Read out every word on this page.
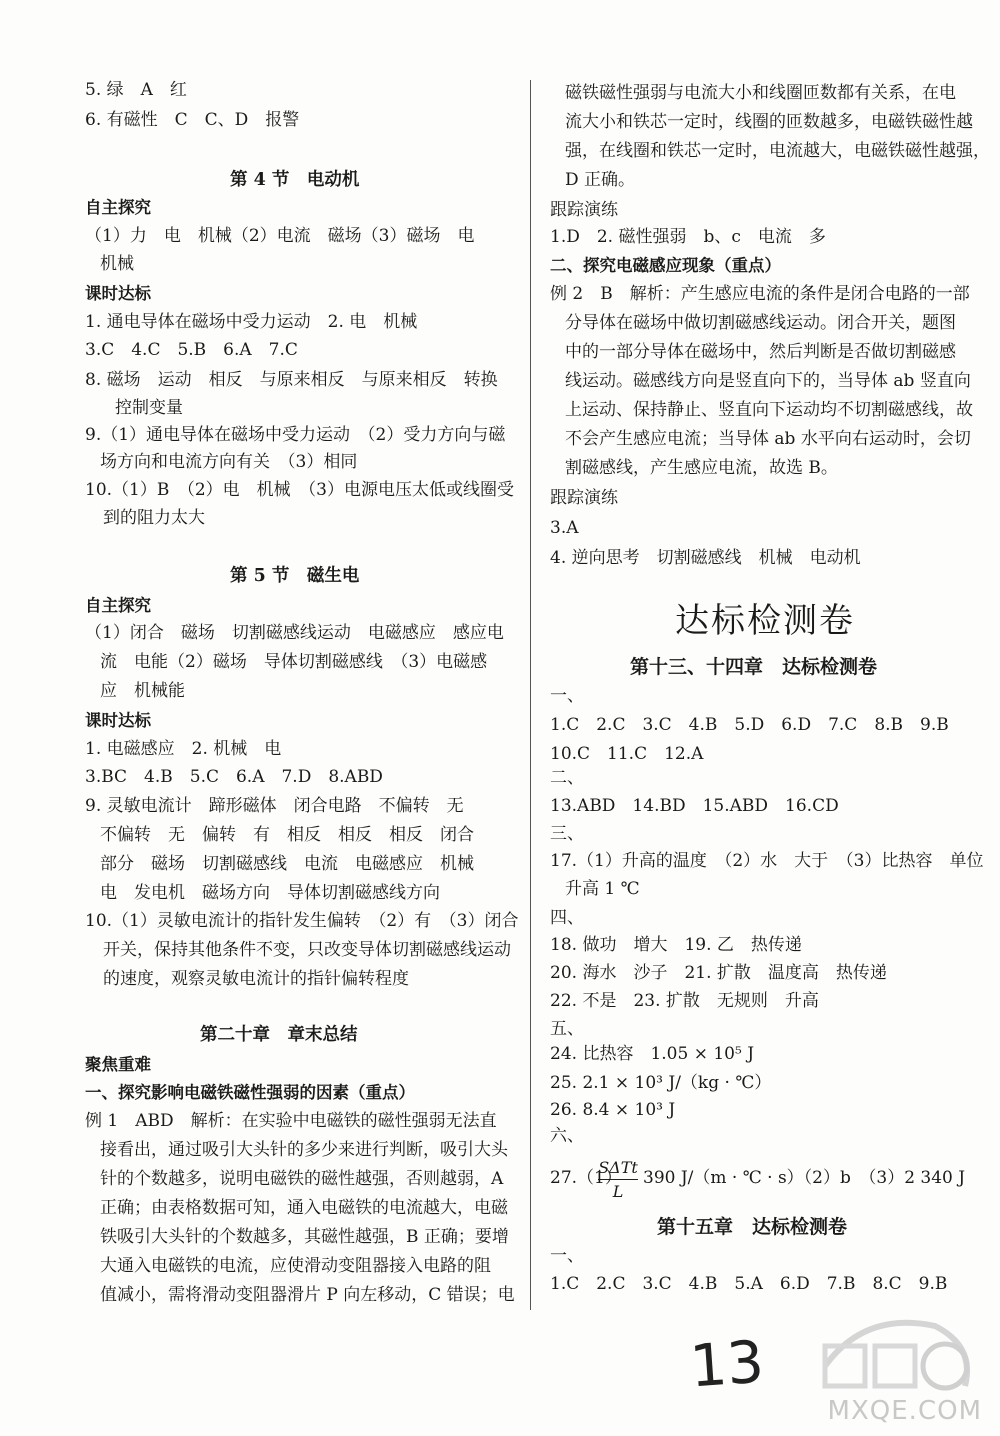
5. 绿　A　红
6. 有磁性　C　C、D　报警
第 4 节　电动机
自主探究
（1）力　电　机械（2）电流　磁场（3）磁场　电
机械
课时达标
1. 通电导体在磁场中受力运动　2. 电　机械
3.C　4.C　5.B　6.A　7.C
8. 磁场　运动　相反　与原来相反　与原来相反　转换
控制变量
9.（1）通电导体在磁场中受力运动　（2）受力方向与磁
场方向和电流方向有关　（3）相同
10.（1）B　（2）电　机械　（3）电源电压太低或线圈受
到的阻力太大
第 5 节　磁生电
自主探究
（1）闭合　磁场　切割磁感线运动　电磁感应　感应电
流　电能（2）磁场　导体切割磁感线　（3）电磁感
应　机械能
课时达标
1. 电磁感应　2. 机械　电
3.BC　4.B　5.C　6.A　7.D　8.ABD
9. 灵敏电流计　蹄形磁体　闭合电路　不偏转　无
不偏转　无　偏转　有　相反　相反　相反　闭合
部分　磁场　切割磁感线　电流　电磁感应　机械
电　发电机　磁场方向　导体切割磁感线方向
10.（1）灵敏电流计的指针发生偏转　（2）有　（3）闭合
开关，保持其他条件不变，只改变导体切割磁感线运动
的速度，观察灵敏电流计的指针偏转程度
第二十章　章末总结
聚焦重难
一、探究影响电磁铁磁性强弱的因素（重点）
例 1　ABD　解析：在实验中电磁铁的磁性强弱无法直
接看出，通过吸引大头针的多少来进行判断，吸引大头
针的个数越多，说明电磁铁的磁性越强，否则越弱，A
正确；由表格数据可知，通入电磁铁的电流越大，电磁
铁吸引大头针的个数越多，其磁性越强，B 正确；要增
大通入电磁铁的电流，应使滑动变阻器接入电路的阻
值减小，需将滑动变阻器滑片 P 向左移动，C 错误；电
SΔTt
L
磁铁磁性强弱与电流大小和线圈匝数都有关系，在电
流大小和铁芯一定时，线圈的匝数越多，电磁铁磁性越
强，在线圈和铁芯一定时，电流越大，电磁铁磁性越强，
D 正确。
跟踪演练
1.D　2. 磁性强弱　b、c　电流　多
二、探究电磁感应现象（重点）
例 2　B　解析：产生感应电流的条件是闭合电路的一部
分导体在磁场中做切割磁感线运动。闭合开关，题图
中的一部分导体在磁场中，然后判断是否做切割磁感
线运动。磁感线方向是竖直向下的，当导体 ab 竖直向
上运动、保持静止、竖直向下运动均不切割磁感线，故
不会产生感应电流；当导体 ab 水平向右运动时，会切
割磁感线，产生感应电流，故选 B。
跟踪演练
3.A
4. 逆向思考　切割磁感线　机械　电动机
达标检测卷
第十三、十四章　达标检测卷
一、
1.C　2.C　3.C　4.B　5.D　6.D　7.C　8.B　9.B
10.C　11.C　12.A
二、
13.ABD　14.BD　15.ABD　16.CD
三、
17.（1）升高的温度　（2）水　大于　（3）比热容　单位
升高 1 ℃
四、
18. 做功　增大　19. 乙　热传递
20. 海水　沙子　21. 扩散　温度高　热传递
22. 不是　23. 扩散　无规则　升高
五、
24. 比热容　1.05 × 10⁵ J
25. 2.1 × 10³ J/（kg · ℃）
26. 8.4 × 10³ J
六、
27.（1） 390 J/（m · ℃ · s）（2）b　（3）2 340 J
第十五章　达标检测卷
一、
1.C　2.C　3.C　4.B　5.A　6.D　7.B　8.C　9.B
13
MXQE.COM
